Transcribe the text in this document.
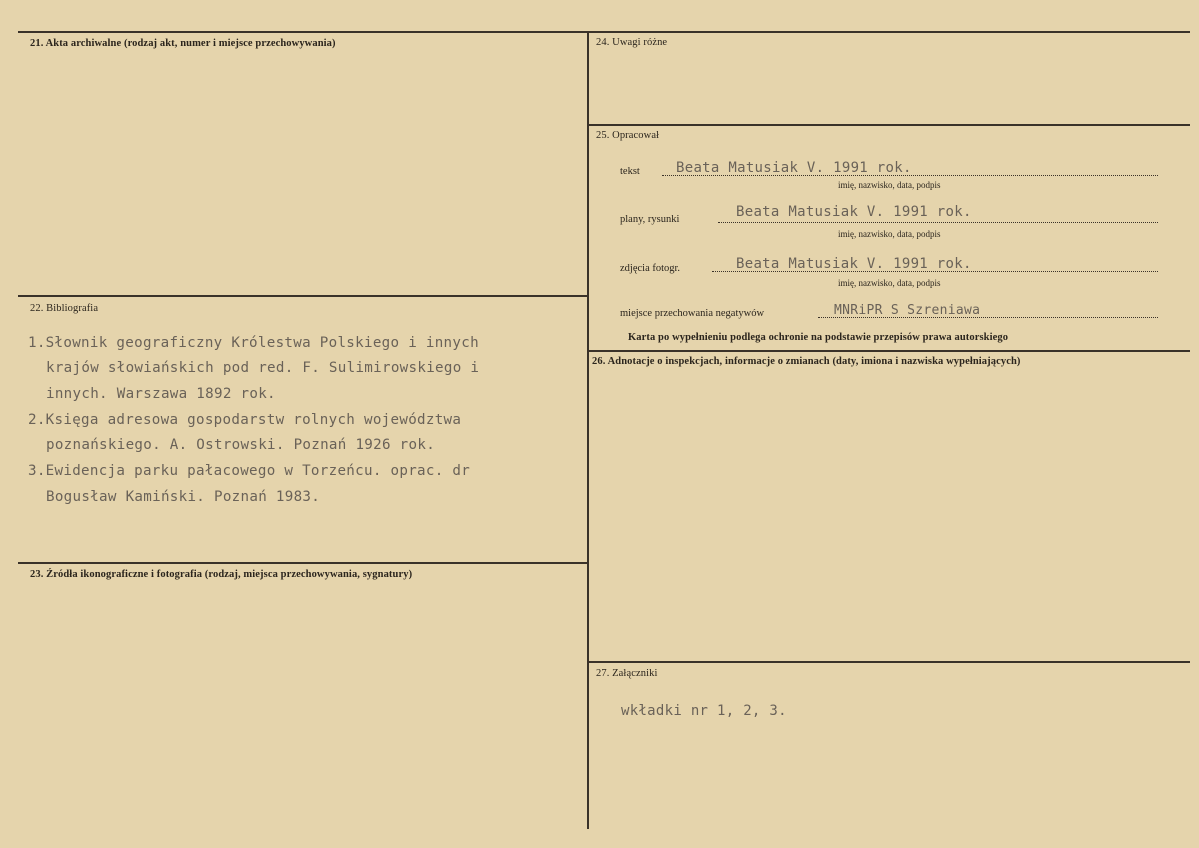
21. Akta archiwalne (rodzaj akt, numer i miejsce przechowywania)
22. Bibliografia
1.Słownik geograficzny Królestwa Polskiego i innych
krajów słowiańskich pod red. F. Sulimirowskiego i
innych. Warszawa 1892 rok.
2.Księga adresowa gospodarstw rolnych województwa
poznańskiego. A. Ostrowski. Poznań 1926 rok.
3.Ewidencja parku pałacowego w Torzeńcu. oprac. dr
Bogusław Kamiński. Poznań 1983.
23. Źródła ikonograficzne i fotografia (rodzaj, miejsca przechowywania, sygnatury)
24. Uwagi różne
25. Opracował
tekst	Beata Matusiak V. 1991 rok.
imię, nazwisko, data, podpis
plany, rysunki	Beata Matusiak V. 1991 rok.
imię, nazwisko, data, podpis
zdjęcia fotogr.	Beata Matusiak V. 1991 rok.
imię, nazwisko, data, podpis
miejsce przechowania negatywów	MNRiPR S Szreniawa
Karta po wypełnieniu podlega ochronie na podstawie przepisów prawa autorskiego
26. Adnotacje o inspekcjach, informacje o zmianach (daty, imiona i nazwiska wypełniających)
27. Załączniki
wkładki nr 1, 2, 3.
